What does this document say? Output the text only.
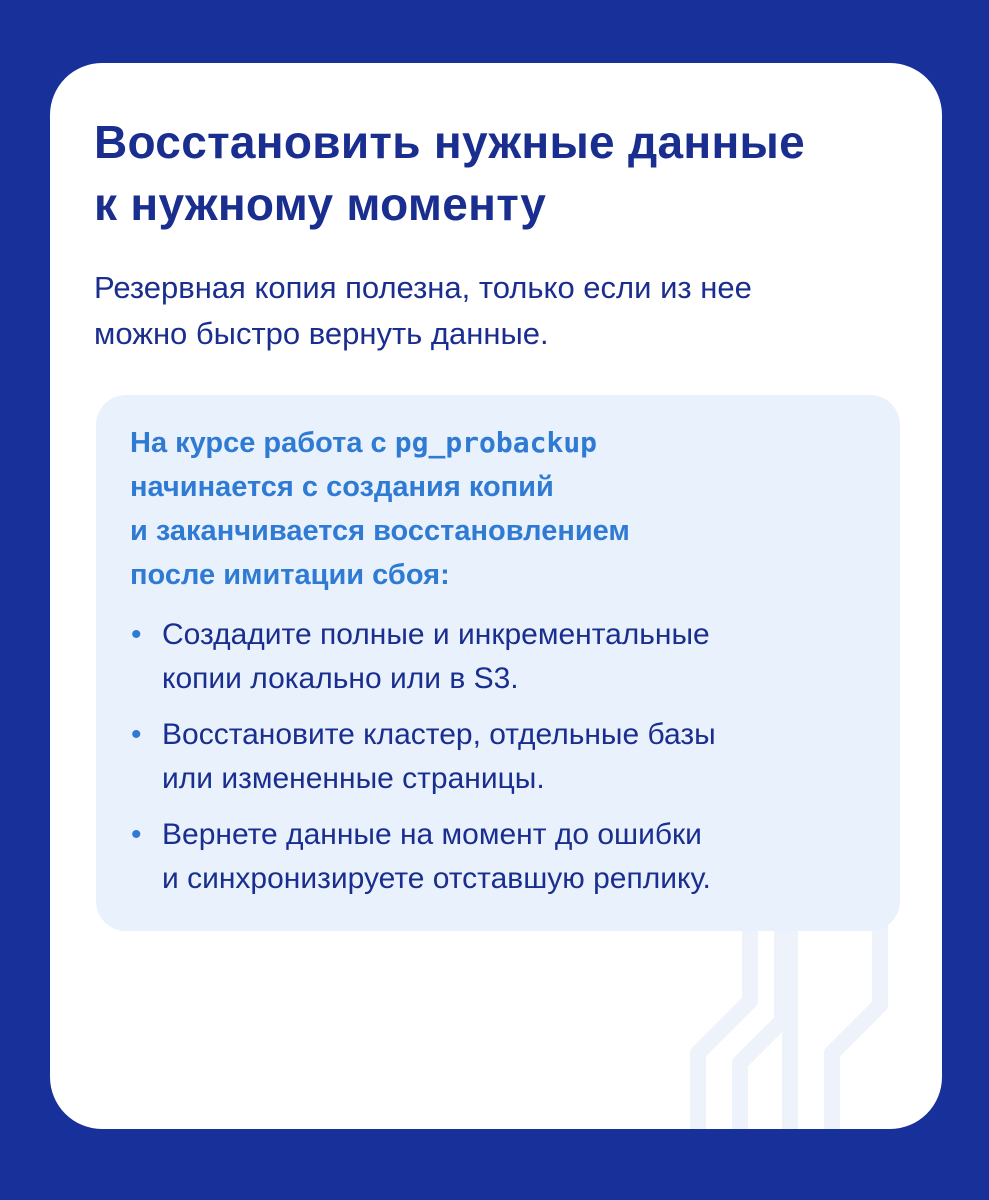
Восстановить нужные данные
к нужному моменту

Резервная копия полезна, только если из нее
можно быстро вернуть данные.

На курсе работа с pg_probackup
начинается с создания копий
и заканчивается восстановлением
после имитации сбоя:

• Создадите полные и инкрементальные
копии локально или в S3.
• Восстановите кластер, отдельные базы
или измененные страницы.
• Вернете данные на момент до ошибки
и синхронизируете отставшую реплику.
